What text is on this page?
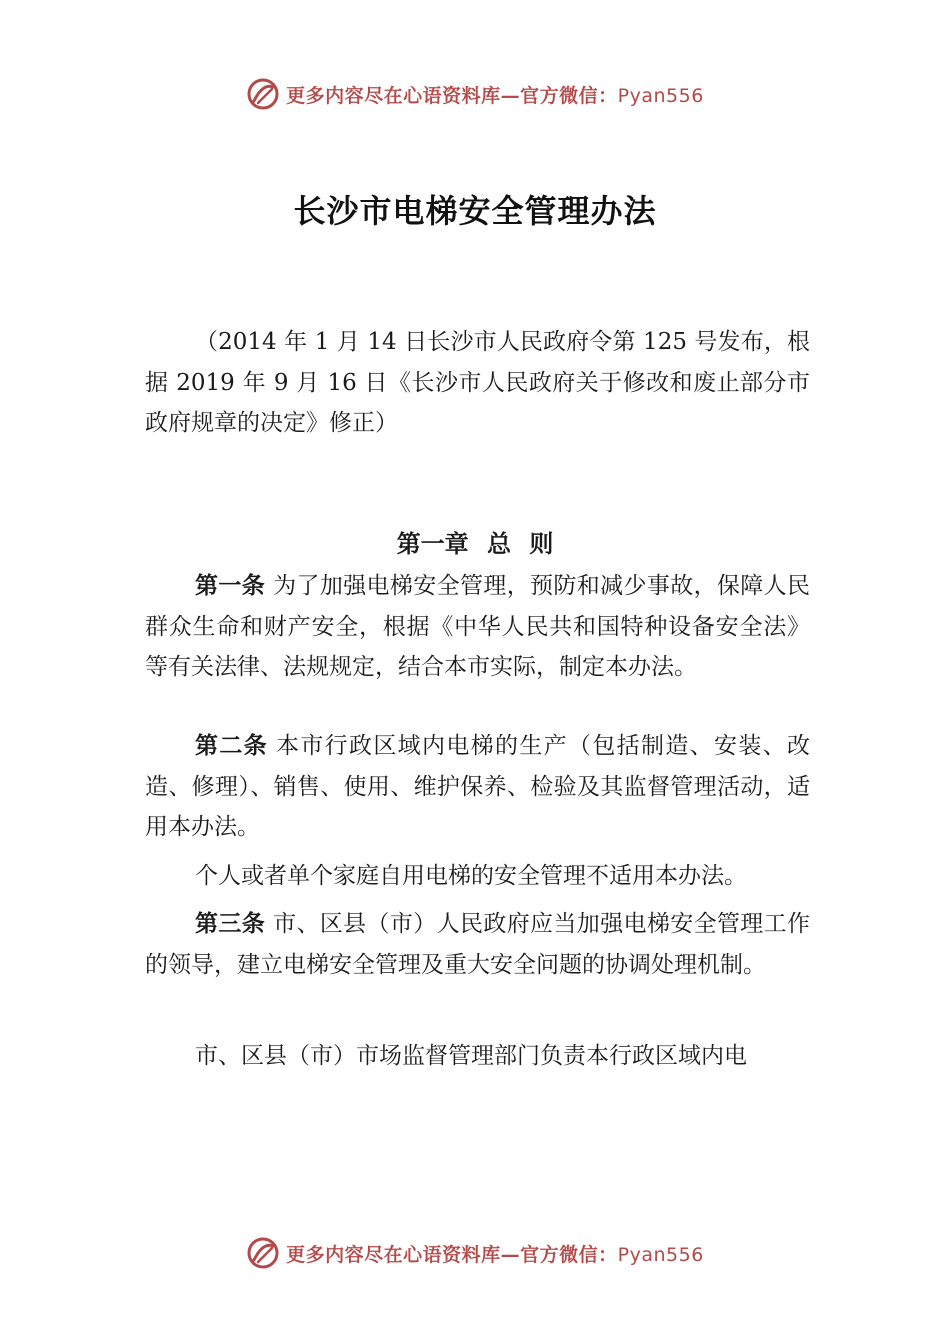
更多内容尽在心语资料库—官方微信：Pyan556
长沙市电梯安全管理办法

（2014 年 1 月 14 日长沙市人民政府令第 125 号发布，根据 2019 年 9 月 16 日《长沙市人民政府关于修改和废止部分市政府规章的决定》修正）

第一章 总 则

第一条 为了加强电梯安全管理，预防和减少事故，保障人民群众生命和财产安全，根据《中华人民共和国特种设备安全法》等有关法律、法规规定，结合本市实际，制定本办法。

第二条 本市行政区域内电梯的生产（包括制造、安装、改造、修理）、销售、使用、维护保养、检验及其监督管理活动，适用本办法。

个人或者单个家庭自用电梯的安全管理不适用本办法。

第三条 市、区县（市）人民政府应当加强电梯安全管理工作的领导，建立电梯安全管理及重大安全问题的协调处理机制。

市、区县（市）市场监督管理部门负责本行政区域内电

更多内容尽在心语资料库—官方微信：Pyan556
